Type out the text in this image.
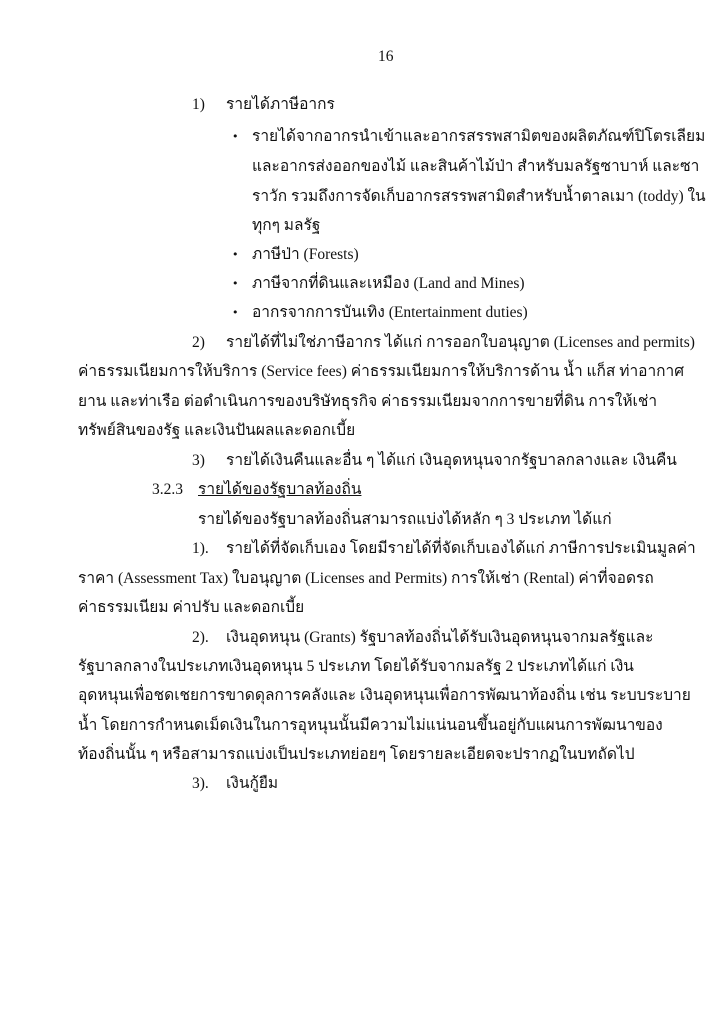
16
1) รายได้ภาษีอากร
• รายได้จากอากรนำเข้าและอากรสรรพสามิตของผลิตภัณฑ์ปิโตรเลียม
และอากรส่งออกของไม้ และสินค้าไม้ป่า สำหรับมลรัฐซาบาห์ และซา
ราวัก รวมถึงการจัดเก็บอากรสรรพสามิตสำหรับน้ำตาลเมา (toddy) ใน
ทุกๆ มลรัฐ
• ภาษีป่า (Forests)
• ภาษีจากที่ดินและเหมือง (Land and Mines)
• อากรจากการบันเทิง (Entertainment duties)
2) รายได้ที่ไม่ใช่ภาษีอากร ได้แก่ การออกใบอนุญาต (Licenses and permits)
ค่าธรรมเนียมการให้บริการ (Service fees) ค่าธรรมเนียมการให้บริการด้าน น้ำ แก็ส ท่าอากาศ
ยาน และท่าเรือ ต่อดำเนินการของบริษัทธุรกิจ ค่าธรรมเนียมจากการขายที่ดิน การให้เช่า
ทรัพย์สินของรัฐ และเงินปันผลและดอกเบี้ย
3) รายได้เงินคืนและอื่น ๆ ได้แก่ เงินอุดหนุนจากรัฐบาลกลางและ เงินคืน
3.2.3 รายได้ของรัฐบาลท้องถิ่น
รายได้ของรัฐบาลท้องถิ่นสามารถแบ่งได้หลัก ๆ 3 ประเภท ได้แก่
1). รายได้ที่จัดเก็บเอง โดยมีรายได้ที่จัดเก็บเองได้แก่ ภาษีการประเมินมูลค่า
ราคา (Assessment Tax) ใบอนุญาต (Licenses and Permits) การให้เช่า (Rental) ค่าที่จอดรถ
ค่าธรรมเนียม ค่าปรับ และดอกเบี้ย
2). เงินอุดหนุน (Grants) รัฐบาลท้องถิ่นได้รับเงินอุดหนุนจากมลรัฐและ
รัฐบาลกลางในประเภทเงินอุดหนุน 5 ประเภท โดยได้รับจากมลรัฐ 2 ประเภทได้แก่ เงิน
อุดหนุนเพื่อชดเชยการขาดดุลการคลังและ เงินอุดหนุนเพื่อการพัฒนาท้องถิ่น เช่น ระบบระบาย
น้ำ โดยการกำหนดเม็ดเงินในการอุหนุนนั้นมีความไม่แน่นอนขึ้นอยู่กับแผนการพัฒนาของ
ท้องถิ่นนั้น ๆ หรือสามารถแบ่งเป็นประเภทย่อยๆ โดยรายละเอียดจะปรากฏในบทถัดไป
3). เงินกู้ยืม
